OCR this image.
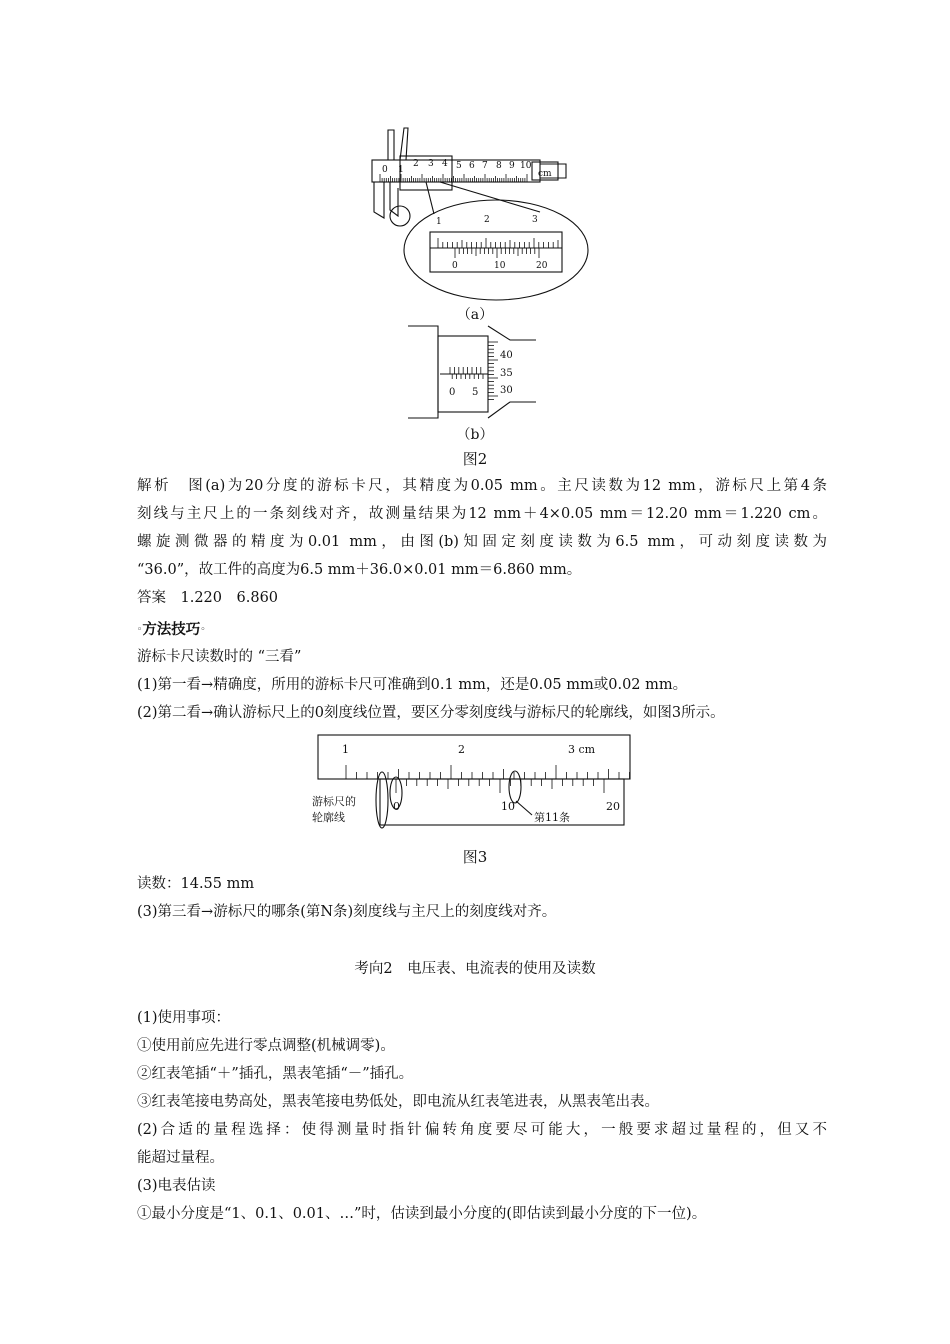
0 1
2 3 4 5 6 7 8 9 10
cm
1	2	3
0	10	20
（a）
0 5
40
35
30
（b）
图2
解析　图(a)为20分度的游标卡尺，其精度为0.05 mm。主尺读数为12 mm，游标尺上第4条
刻线与主尺上的一条刻线对齐，故测量结果为12 mm＋4×0.05 mm＝12.20 mm＝1.220 cm。
螺旋测微器的精度为0.01 mm，由图(b)知固定刻度读数为6.5 mm，可动刻度读数为
“36.0”，故工件的高度为6.5 mm＋36.0×0.01 mm＝6.860 mm。
答案　1.220　6.860
◦方法技巧◦
游标卡尺读数时的 “三看”
(1)第一看→精确度，所用的游标卡尺可准确到0.1 mm，还是0.05 mm或0.02 mm。
(2)第二看→确认游标尺上的0刻度线位置，要区分零刻度线与游标尺的轮廓线，如图3所示。
1	2	3 cm
0	10	20
游标尺的
轮廓线	第11条
图3
读数：14.55 mm
(3)第三看→游标尺的哪条(第N条)刻度线与主尺上的刻度线对齐。
考向2　电压表、电流表的使用及读数
(1)使用事项：
①使用前应先进行零点调整(机械调零)。
②红表笔插“＋”插孔，黑表笔插“－”插孔。
③红表笔接电势高处，黑表笔接电势低处，即电流从红表笔进表，从黑表笔出表。
(2)合适的量程选择：使得测量时指针偏转角度要尽可能大，一般要求超过量程的，但又不
能超过量程。
(3)电表估读
①最小分度是“1、0.1、0.01、…”时，估读到最小分度的(即估读到最小分度的下一位)。
